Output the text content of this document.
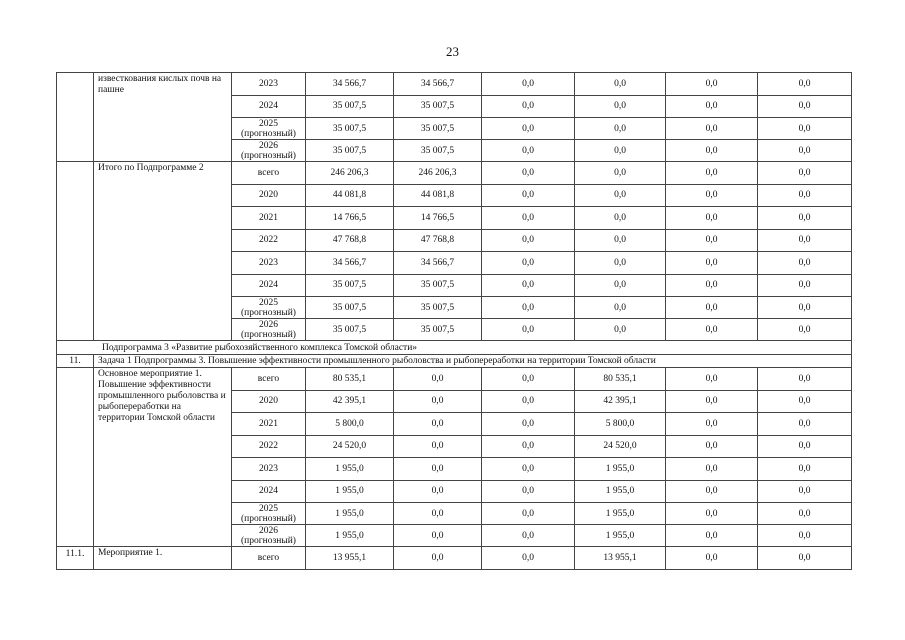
23
	известкования кислых почв на пашне	2023	34 566,7	34 566,7	0,0	0,0	0,0	0,0
		2024	35 007,5	35 007,5	0,0	0,0	0,0	0,0
		2025 (прогнозный)	35 007,5	35 007,5	0,0	0,0	0,0	0,0
		2026 (прогнозный)	35 007,5	35 007,5	0,0	0,0	0,0	0,0
	Итого по Подпрограмме 2	всего	246 206,3	246 206,3	0,0	0,0	0,0	0,0
		2020	44 081,8	44 081,8	0,0	0,0	0,0	0,0
		2021	14 766,5	14 766,5	0,0	0,0	0,0	0,0
		2022	47 768,8	47 768,8	0,0	0,0	0,0	0,0
		2023	34 566,7	34 566,7	0,0	0,0	0,0	0,0
		2024	35 007,5	35 007,5	0,0	0,0	0,0	0,0
		2025 (прогнозный)	35 007,5	35 007,5	0,0	0,0	0,0	0,0
		2026 (прогнозный)	35 007,5	35 007,5	0,0	0,0	0,0	0,0
Подпрограмма 3 «Развитие рыбохозяйственного комплекса Томской области»								
11.	Задача 1 Подпрограммы 3. Повышение эффективности промышленного рыболовства и рыбопереработки на территории Томской области							
	Основное мероприятие 1. Повышение эффективности промышленного рыболовства и рыбопереработки на территории Томской области	всего	80 535,1	0,0	0,0	80 535,1	0,0	0,0
		2020	42 395,1	0,0	0,0	42 395,1	0,0	0,0
		2021	5 800,0	0,0	0,0	5 800,0	0,0	0,0
		2022	24 520,0	0,0	0,0	24 520,0	0,0	0,0
		2023	1 955,0	0,0	0,0	1 955,0	0,0	0,0
		2024	1 955,0	0,0	0,0	1 955,0	0,0	0,0
		2025 (прогнозный)	1 955,0	0,0	0,0	1 955,0	0,0	0,0
		2026 (прогнозный)	1 955,0	0,0	0,0	1 955,0	0,0	0,0
11.1.	Мероприятие 1.	всего	13 955,1	0,0	0,0	13 955,1	0,0	0,0
